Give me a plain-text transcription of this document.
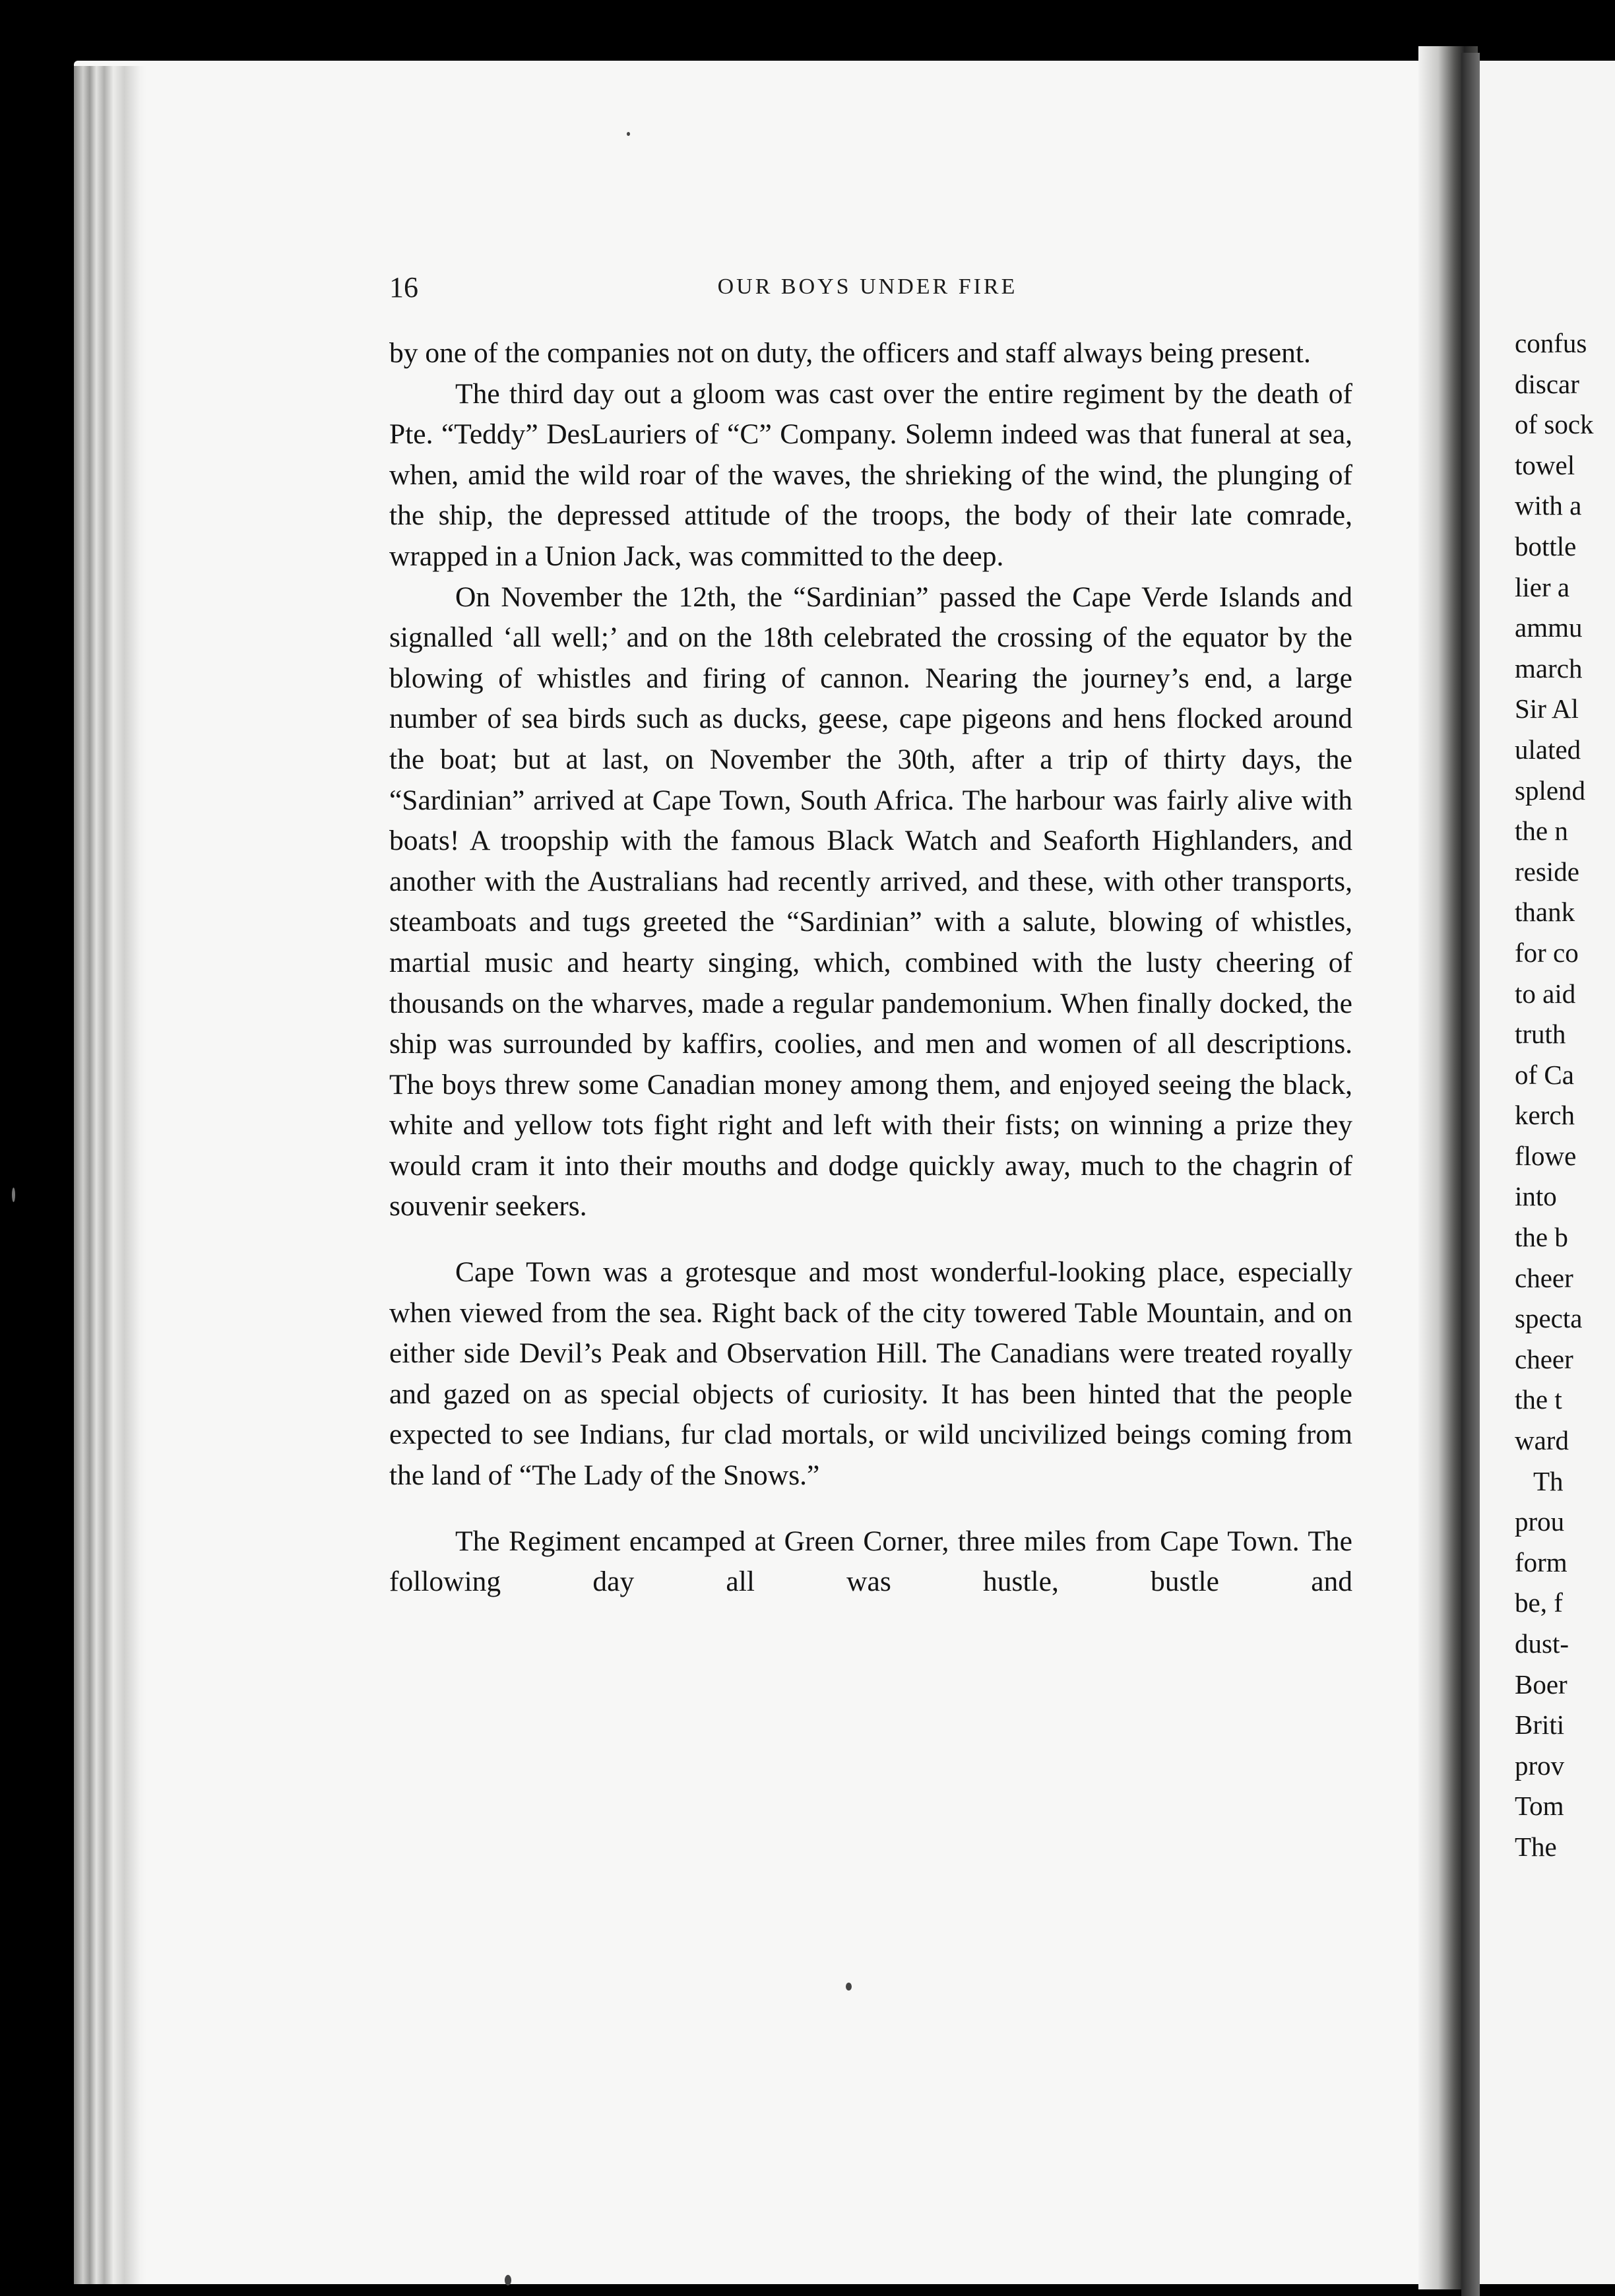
16	OUR BOYS UNDER FIRE

by one of the companies not on duty, the officers and staff always being present.

The third day out a gloom was cast over the entire regiment by the death of Pte. “Teddy” DesLauriers of “C” Company. Solemn indeed was that funeral at sea, when, amid the wild roar of the waves, the shrieking of the wind, the plunging of the ship, the depressed attitude of the troops, the body of their late comrade, wrapped in a Union Jack, was committed to the deep.

On November the 12th, the “Sardinian” passed the Cape Verde Islands and signalled ‘all well;’ and on the 18th celebrated the crossing of the equator by the blowing of whistles and firing of cannon. Nearing the journey’s end, a large number of sea birds such as ducks, geese, cape pigeons and hens flocked around the boat; but at last, on November the 30th, after a trip of thirty days, the “Sardinian” arrived at Cape Town, South Africa. The harbour was fairly alive with boats! A troopship with the famous Black Watch and Seaforth Highlanders, and another with the Australians had recently arrived, and these, with other transports, steamboats and tugs greeted the “Sardinian” with a salute, blowing of whistles, martial music and hearty singing, which, combined with the lusty cheering of thousands on the wharves, made a regular pandemonium. When finally docked, the ship was surrounded by kaffirs, coolies, and men and women of all descriptions. The boys threw some Canadian money among them, and enjoyed seeing the black, white and yellow tots fight right and left with their fists; on winning a prize they would cram it into their mouths and dodge quickly away, much to the chagrin of souvenir seekers.

Cape Town was a grotesque and most wonderful-looking place, especially when viewed from the sea. Right back of the city towered Table Mountain, and on either side Devil’s Peak and Observation Hill. The Canadians were treated royally and gazed on as special objects of curiosity. It has been hinted that the people expected to see Indians, fur clad mortals, or wild uncivilized beings coming from the land of “The Lady of the Snows.”

The Regiment encamped at Green Corner, three miles from Cape Town. The following day all was hustle, bustle and

confus
discar
of sock
towel
with a
bottle
lier a
ammu
march
Sir Al
ulated
splend
the n
reside
thank
for co
to aid
truth
of Ca
kerch
flowe
into
the b
cheer
specta
cheer
the t
ward
Th
prou
form
be, f
dust-
Boer
Briti
prov
Tom
The
